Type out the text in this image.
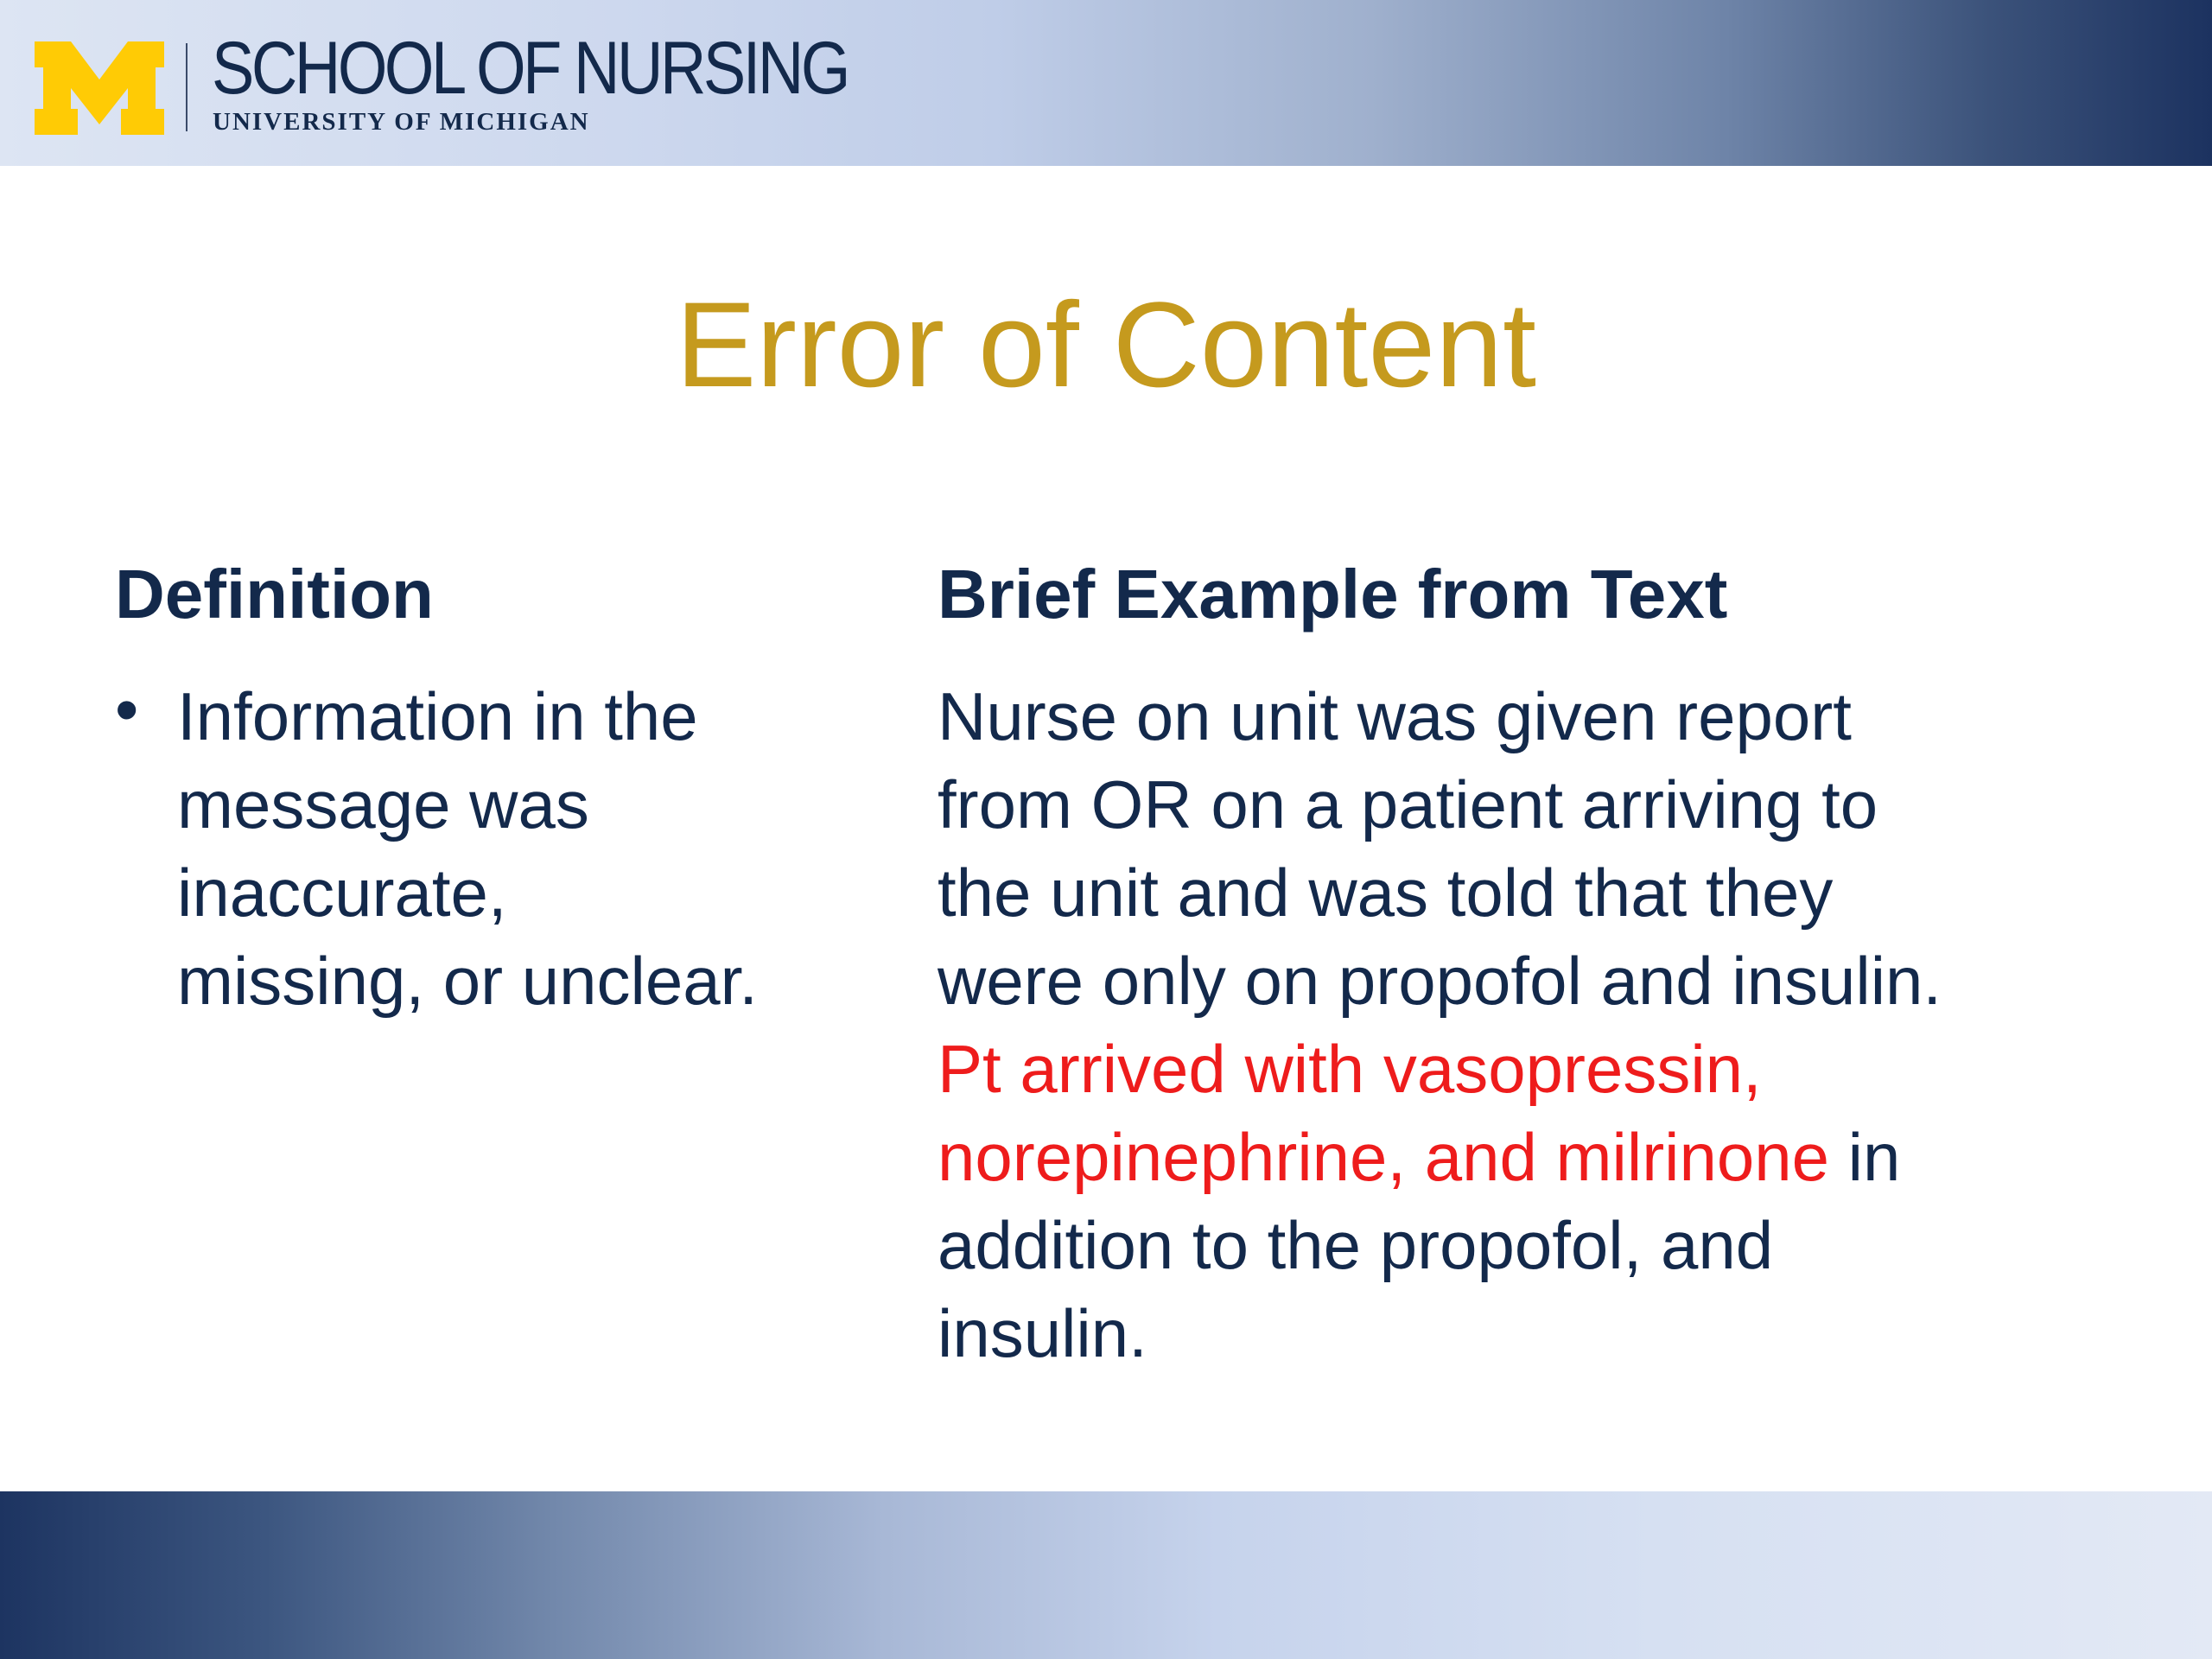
SCHOOL OF NURSING
UNIVERSITY OF MICHIGAN
Error of Content
Definition
• Information in the
message was
inaccurate,
missing, or unclear.
Brief Example from Text
Nurse on unit was given report
from OR on a patient arriving to
the unit and was told that they
were only on propofol and insulin.
Pt arrived with vasopressin,
norepinephrine, and milrinone in
addition to the propofol, and
insulin.
